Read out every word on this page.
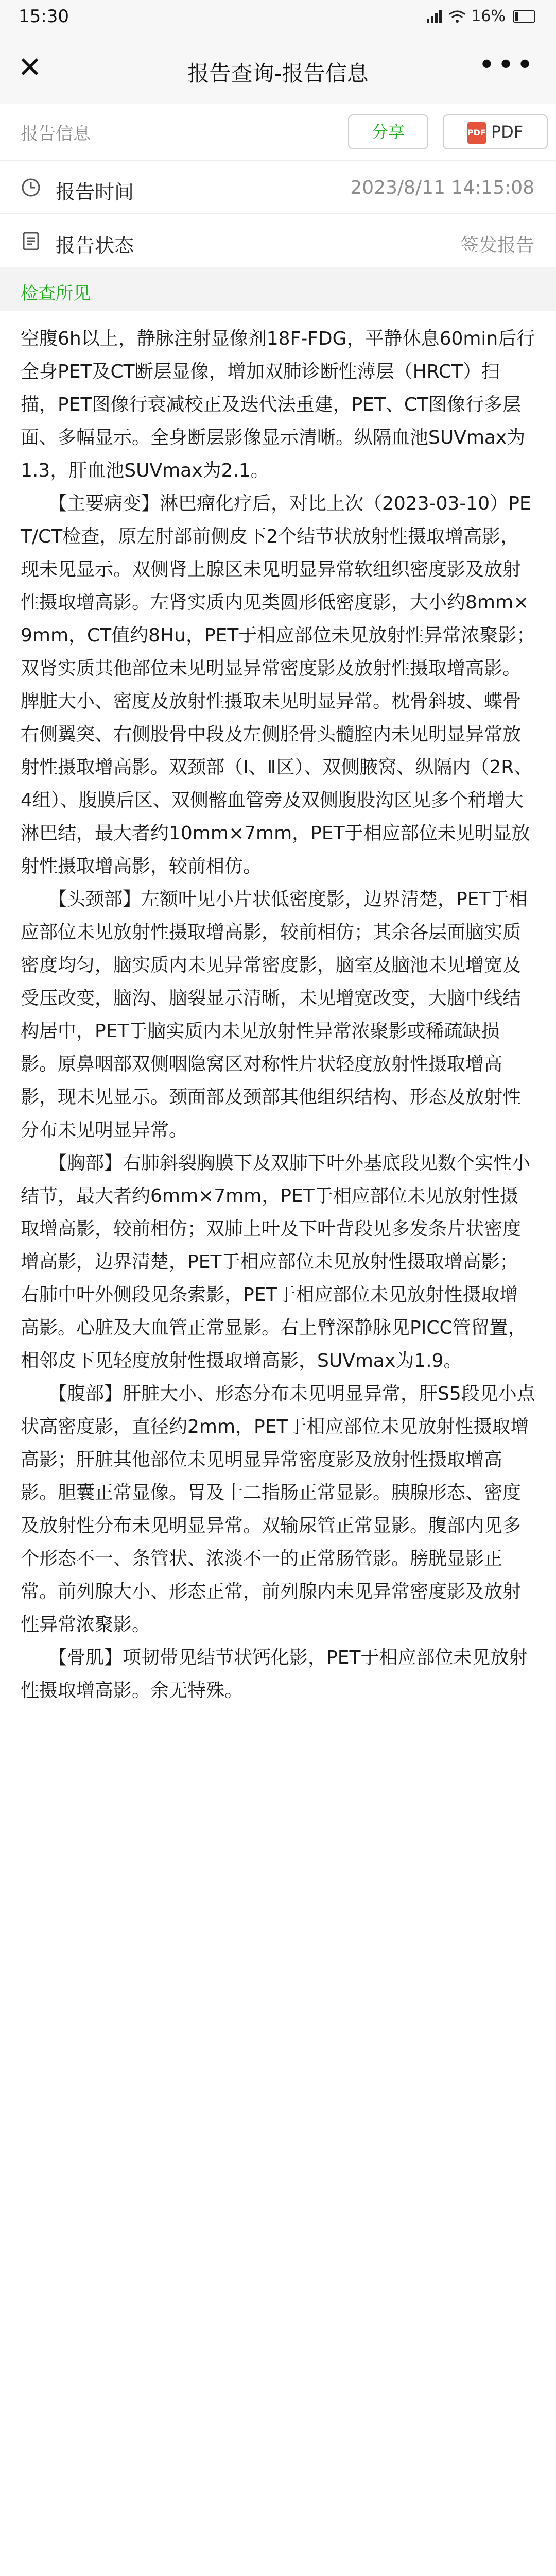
15:30	16%
✕	报告查询-报告信息	•••
报告信息	分享	PDF PDF
报告时间	2023/8/11 14:15:08
报告状态	签发报告
检查所见

空腹6h以上，静脉注射显像剂18F-FDG，平静休息60min后行全身PET及CT断层显像，增加双肺诊断性薄层（HRCT）扫描，PET图像行衰减校正及迭代法重建，PET、CT图像行多层面、多幅显示。全身断层影像显示清晰。纵隔血池SUVmax为1.3，肝血池SUVmax为2.1。

　　【主要病变】淋巴瘤化疗后，对比上次（2023-03-10）PET/CT检查，原左肘部前侧皮下2个结节状放射性摄取增高影，现未见显示。双侧肾上腺区未见明显异常软组织密度影及放射性摄取增高影。左肾实质内见类圆形低密度影，大小约8mm×9mm，CT值约8Hu，PET于相应部位未见放射性异常浓聚影；双肾实质其他部位未见明显异常密度影及放射性摄取增高影。脾脏大小、密度及放射性摄取未见明显异常。枕骨斜坡、蝶骨右侧翼突、右侧股骨中段及左侧胫骨头髓腔内未见明显异常放射性摄取增高影。双颈部（Ⅰ、Ⅱ区）、双侧腋窝、纵隔内（2R、4组）、腹膜后区、双侧髂血管旁及双侧腹股沟区见多个稍增大淋巴结，最大者约10mm×7mm，PET于相应部位未见明显放射性摄取增高影，较前相仿。

　　【头颈部】左额叶见小片状低密度影，边界清楚，PET于相应部位未见放射性摄取增高影，较前相仿；其余各层面脑实质密度均匀，脑实质内未见异常密度影，脑室及脑池未见增宽及受压改变，脑沟、脑裂显示清晰，未见增宽改变，大脑中线结构居中，PET于脑实质内未见放射性异常浓聚影或稀疏缺损影。原鼻咽部双侧咽隐窝区对称性片状轻度放射性摄取增高影，现未见显示。颈面部及颈部其他组织结构、形态及放射性分布未见明显异常。

　　【胸部】右肺斜裂胸膜下及双肺下叶外基底段见数个实性小结节，最大者约6mm×7mm，PET于相应部位未见放射性摄取增高影，较前相仿；双肺上叶及下叶背段见多发条片状密度增高影，边界清楚，PET于相应部位未见放射性摄取增高影；右肺中叶外侧段见条索影，PET于相应部位未见放射性摄取增高影。心脏及大血管正常显影。右上臂深静脉见PICC管留置，相邻皮下见轻度放射性摄取增高影，SUVmax为1.9。

　　【腹部】肝脏大小、形态分布未见明显异常，肝S5段见小点状高密度影，直径约2mm，PET于相应部位未见放射性摄取增高影；肝脏其他部位未见明显异常密度影及放射性摄取增高影。胆囊正常显像。胃及十二指肠正常显影。胰腺形态、密度及放射性分布未见明显异常。双输尿管正常显影。腹部内见多个形态不一、条管状、浓淡不一的正常肠管影。膀胱显影正常。前列腺大小、形态正常，前列腺内未见异常密度影及放射性异常浓聚影。

　　【骨肌】项韧带见结节状钙化影，PET于相应部位未见放射性摄取增高影。余无特殊。
